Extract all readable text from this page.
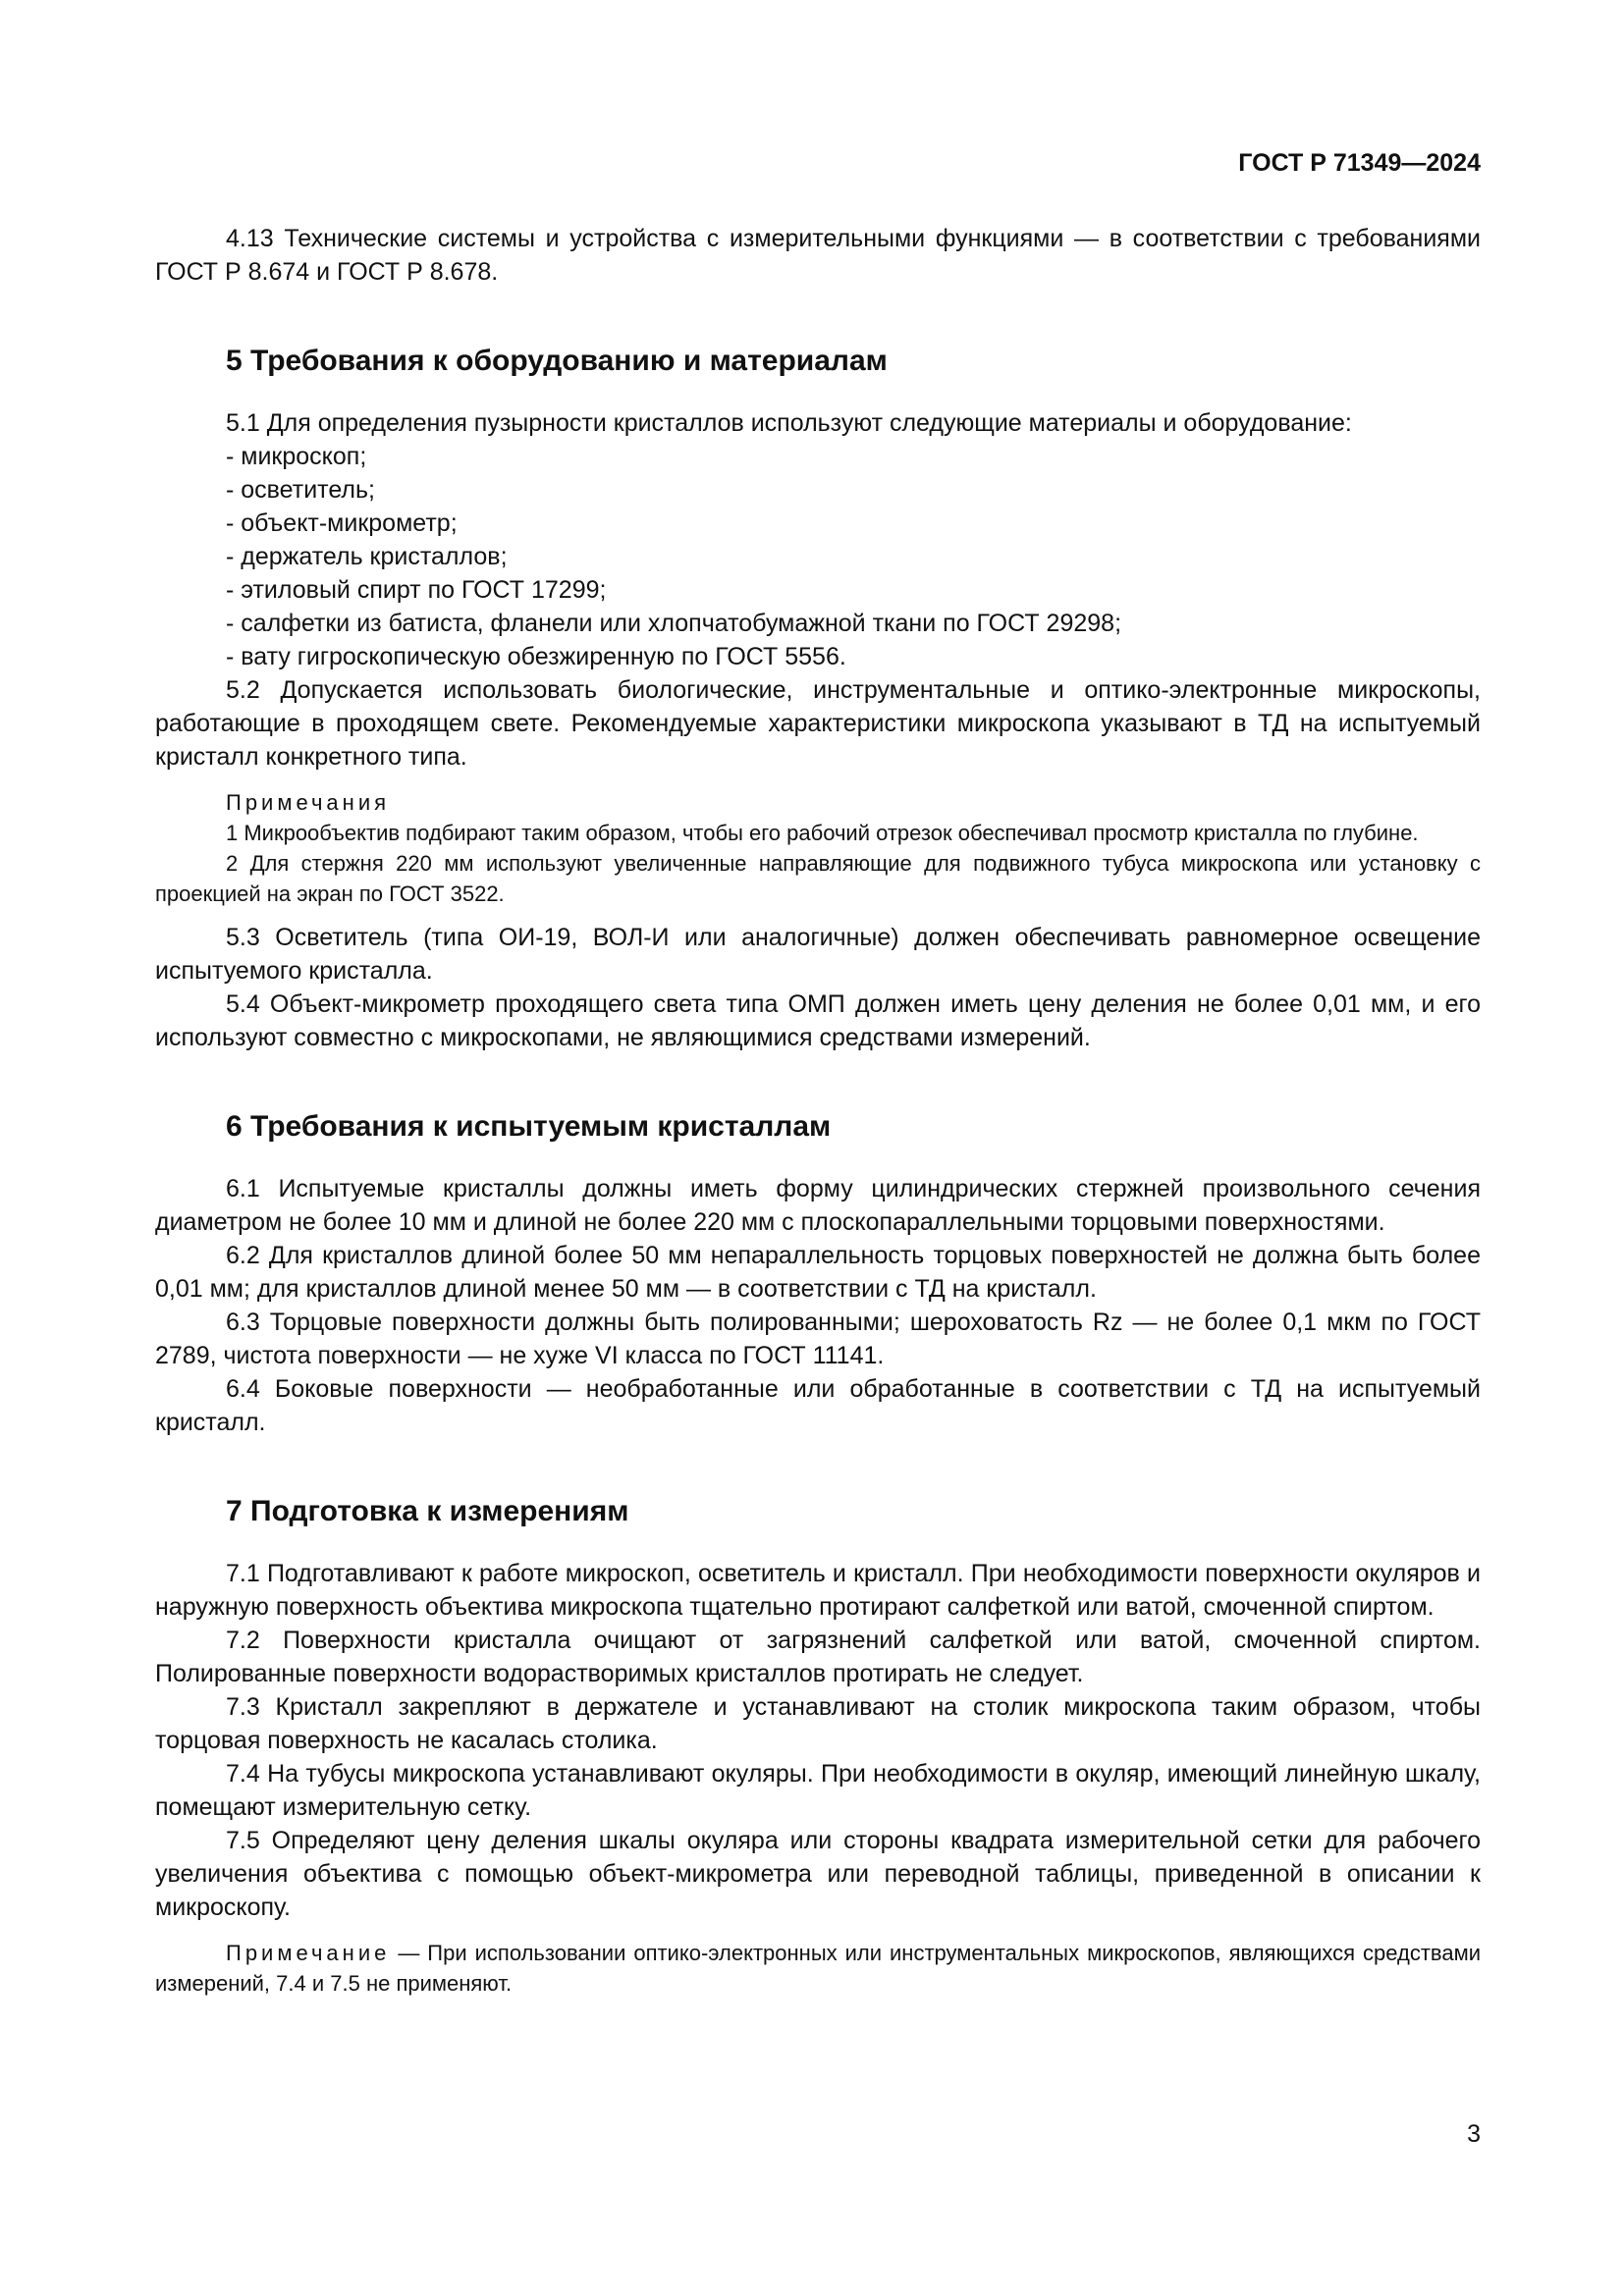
ГОСТ Р 71349—2024

4.13 Технические системы и устройства с измерительными функциями — в соответствии с требованиями ГОСТ Р 8.674 и ГОСТ Р 8.678.

5 Требования к оборудованию и материалам

5.1 Для определения пузырности кристаллов используют следующие материалы и оборудование:

- микроскоп;

- осветитель;

- объект-микрометр;

- держатель кристаллов;

- этиловый спирт по ГОСТ 17299;

- салфетки из батиста, фланели или хлопчатобумажной ткани по ГОСТ 29298;

- вату гигроскопическую обезжиренную по ГОСТ 5556.

5.2 Допускается использовать биологические, инструментальные и оптико-электронные микроскопы, работающие в проходящем свете. Рекомендуемые характеристики микроскопа указывают в ТД на испытуемый кристалл конкретного типа.

Примечания

1 Микрообъектив подбирают таким образом, чтобы его рабочий отрезок обеспечивал просмотр кристалла по глубине.

2 Для стержня 220 мм используют увеличенные направляющие для подвижного тубуса микроскопа или установку с проекцией на экран по ГОСТ 3522.

5.3 Осветитель (типа ОИ-19, ВОЛ-И или аналогичные) должен обеспечивать равномерное освещение испытуемого кристалла.

5.4 Объект-микрометр проходящего света типа ОМП должен иметь цену деления не более 0,01 мм, и его используют совместно с микроскопами, не являющимися средствами измерений.

6 Требования к испытуемым кристаллам

6.1 Испытуемые кристаллы должны иметь форму цилиндрических стержней произвольного сечения диаметром не более 10 мм и длиной не более 220 мм с плоскопараллельными торцовыми поверхностями.

6.2 Для кристаллов длиной более 50 мм непараллельность торцовых поверхностей не должна быть более 0,01 мм; для кристаллов длиной менее 50 мм — в соответствии с ТД на кристалл.

6.3 Торцовые поверхности должны быть полированными; шероховатость Rz — не более 0,1 мкм по ГОСТ 2789, чистота поверхности — не хуже VI класса по ГОСТ 11141.

6.4 Боковые поверхности — необработанные или обработанные в соответствии с ТД на испытуемый кристалл.

7 Подготовка к измерениям

7.1 Подготавливают к работе микроскоп, осветитель и кристалл. При необходимости поверхности окуляров и наружную поверхность объектива микроскопа тщательно протирают салфеткой или ватой, смоченной спиртом.

7.2 Поверхности кристалла очищают от загрязнений салфеткой или ватой, смоченной спиртом. Полированные поверхности водорастворимых кристаллов протирать не следует.

7.3 Кристалл закрепляют в держателе и устанавливают на столик микроскопа таким образом, чтобы торцовая поверхность не касалась столика.

7.4 На тубусы микроскопа устанавливают окуляры. При необходимости в окуляр, имеющий линейную шкалу, помещают измерительную сетку.

7.5 Определяют цену деления шкалы окуляра или стороны квадрата измерительной сетки для рабочего увеличения объектива с помощью объект-микрометра или переводной таблицы, приведенной в описании к микроскопу.

Примечание — При использовании оптико-электронных или инструментальных микроскопов, являющихся средствами измерений, 7.4 и 7.5 не применяют.

3
